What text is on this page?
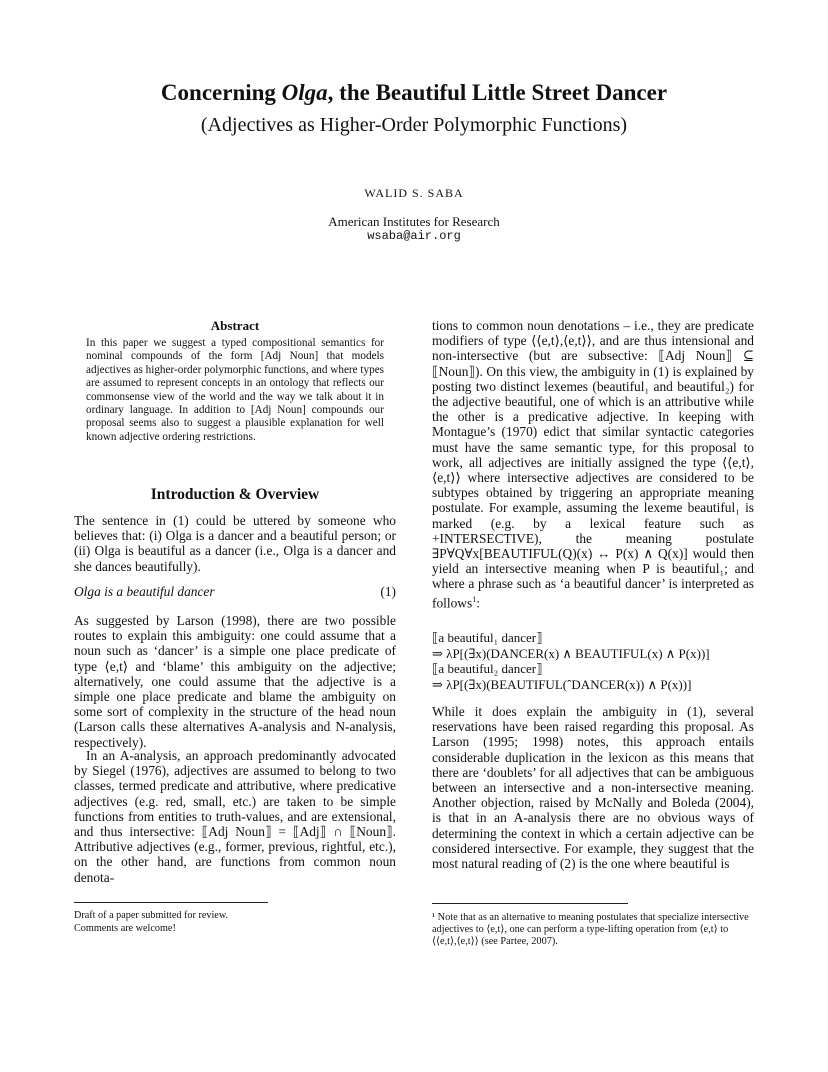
Concerning Olga, the Beautiful Little Street Dancer
(Adjectives as Higher-Order Polymorphic Functions)
WALID S. SABA
American Institutes for Research
wsaba@air.org
Abstract
In this paper we suggest a typed compositional semantics for nominal compounds of the form [Adj Noun] that models adjectives as higher-order polymorphic functions, and where types are assumed to represent concepts in an ontology that reflects our commonsense view of the world and the way we talk about it in ordinary language. In addition to [Adj Noun] compounds our proposal seems also to suggest a plausible explanation for well known adjective ordering restrictions.
Introduction & Overview
The sentence in (1) could be uttered by someone who believes that: (i) Olga is a dancer and a beautiful person; or (ii) Olga is beautiful as a dancer (i.e., Olga is a dancer and she dances beautifully).
Olga is a beautiful dancer	(1)
As suggested by Larson (1998), there are two possible routes to explain this ambiguity: one could assume that a noun such as ‘dancer’ is a simple one place predicate of type ⟨e,t⟩ and ‘blame’ this ambiguity on the adjective; alternatively, one could assume that the adjective is a simple one place predicate and blame the ambiguity on some sort of complexity in the structure of the head noun (Larson calls these alternatives A-analysis and N-analysis, respectively).
In an A-analysis, an approach predominantly advocated by Siegel (1976), adjectives are assumed to belong to two classes, termed predicate and attributive, where predicative adjectives (e.g. red, small, etc.) are taken to be simple functions from entities to truth-values, and are extensional, and thus intersective: ⟦Adj Noun⟧ = ⟦Adj⟧ ∩ ⟦Noun⟧. Attributive adjectives (e.g., former, previous, rightful, etc.), on the other hand, are functions from common noun denota-
Draft of a paper submitted for review.
Comments are welcome!
tions to common noun denotations – i.e., they are predicate modifiers of type ⟨⟨e,t⟩,⟨e,t⟩⟩, and are thus intensional and non-intersective (but are subsective: ⟦Adj Noun⟧ ⊆ ⟦Noun⟧). On this view, the ambiguity in (1) is explained by posting two distinct lexemes (beautiful₁ and beautiful₂) for the adjective beautiful, one of which is an attributive while the other is a predicative adjective. In keeping with Montague’s (1970) edict that similar syntactic categories must have the same semantic type, for this proposal to work, all adjectives are initially assigned the type ⟨⟨e,t⟩,⟨e,t⟩⟩ where intersective adjectives are considered to be subtypes obtained by triggering an appropriate meaning postulate. For example, assuming the lexeme beautiful₁ is marked (e.g. by a lexical feature such as +INTERSECTIVE), the meaning postulate ∃P∀Q∀x[BEAUTIFUL(Q)(x) ↔ P(x) ∧ Q(x)] would then yield an intersective meaning when P is beautiful₁; and where a phrase such as ‘a beautiful dancer’ is interpreted as follows$^1$:
⟦a beautiful₁ dancer⟧
⇒ λP[(∃x)(DANCER(x) ∧ BEAUTIFUL(x) ∧ P(x))]
⟦a beautiful₂ dancer⟧
⇒ λP[(∃x)(BEAUTIFUL(ˆDANCER(x)) ∧ P(x))]
While it does explain the ambiguity in (1), several reservations have been raised regarding this proposal. As Larson (1995; 1998) notes, this approach entails considerable duplication in the lexicon as this means that there are ‘doublets’ for all adjectives that can be ambiguous between an intersective and a non-intersective meaning. Another objection, raised by McNally and Boleda (2004), is that in an A-analysis there are no obvious ways of determining the context in which a certain adjective can be considered intersective. For example, they suggest that the most natural reading of (2) is the one where beautiful is
¹ Note that as an alternative to meaning postulates that specialize intersective adjectives to ⟨e,t⟩, one can perform a type-lifting operation from ⟨e,t⟩ to ⟨⟨e,t⟩,⟨e,t⟩⟩ (see Partee, 2007).
